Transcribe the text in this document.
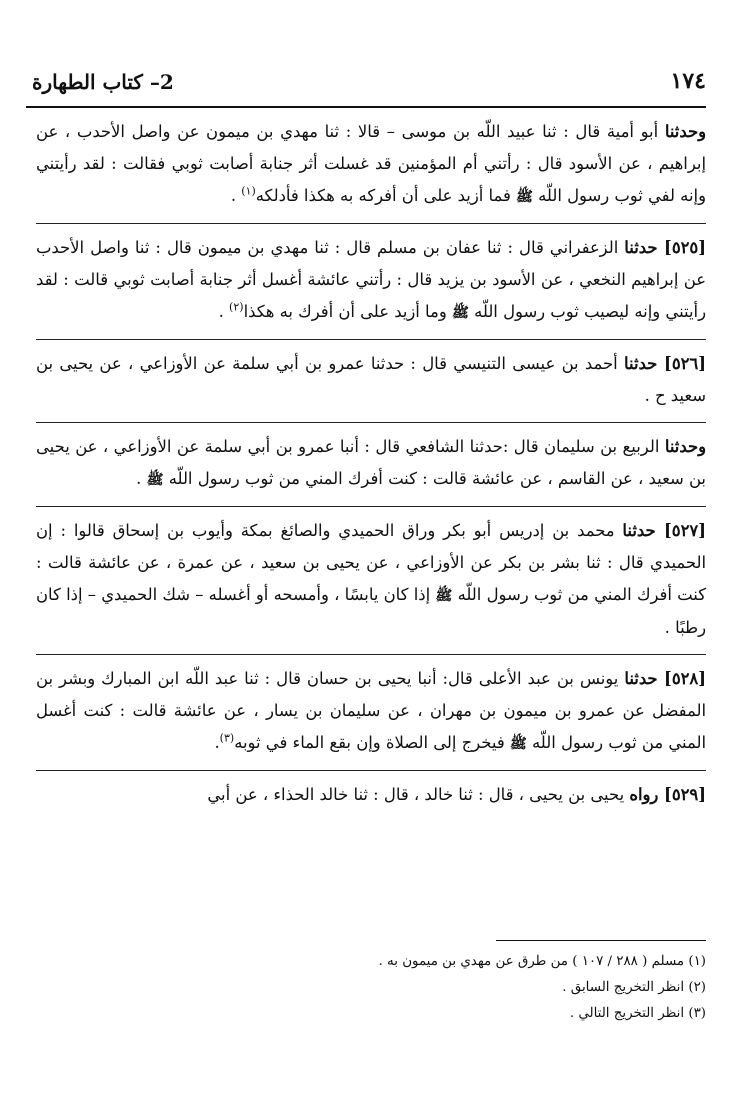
١٧٤
2– كتاب الطهارة

وحدثنا أبو أمية قال : ثنا عبيد اللّه بن موسى – قالا : ثنا مهدي بن ميمون عن واصل الأحدب ، عن إبراهيم ، عن الأسود قال : رأتني أم المؤمنين قد غسلت أثر جنابة أصابت ثوبي فقالت : لقد رأيتني وإنه لفي ثوب رسول اللّه ﷺ فما أزيد على أن أفركه به هكذا فأدلكه$^{(١)}$ .

[٥٢٥] حدثنا الزعفراني قال : ثنا عفان بن مسلم قال : ثنا مهدي بن ميمون قال : ثنا واصل الأحدب عن إبراهيم النخعي ، عن الأسود بن يزيد قال : رأتني عائشة أغسل أثر جنابة أصابت ثوبي قالت : لقد رأيتني وإنه ليصيب ثوب رسول اللّه ﷺ وما أزيد على أن أفرك به هكذا$^{(٢)}$ .

[٥٢٦] حدثنا أحمد بن عيسى التنيسي قال : حدثنا عمرو بن أبي سلمة عن الأوزاعي ، عن يحيى بن سعيد ح .

وحدثنا الربيع بن سليمان قال :حدثنا الشافعي قال : أنبا عمرو بن أبي سلمة عن الأوزاعي ، عن يحيى بن سعيد ، عن القاسم ، عن عائشة قالت : كنت أفرك المني من ثوب رسول اللّه ﷺ .

[٥٢٧] حدثنا محمد بن إدريس أبو بكر وراق الحميدي والصائغ بمكة وأيوب بن إسحاق قالوا : إن الحميدي قال : ثنا بشر بن بكر عن الأوزاعي ، عن يحيى بن سعيد ، عن عمرة ، عن عائشة قالت : كنت أفرك المني من ثوب رسول اللّه ﷺ إذا كان يابسًا ، وأمسحه أو أغسله – شك الحميدي – إذا كان رطبًا .

[٥٢٨] حدثنا يونس بن عبد الأعلى قال: أنبا يحيى بن حسان قال : ثنا عبد اللّه ابن المبارك وبشر بن المفضل عن عمرو بن ميمون بن مهران ، عن سليمان بن يسار ، عن عائشة قالت : كنت أغسل المني من ثوب رسول اللّه ﷺ فيخرج إلى الصلاة وإن بقع الماء في ثوبه$^{(٣)}$.

[٥٢٩] رواه يحيى بن يحيى ، قال : ثنا خالد ، قال : ثنا خالد الحذاء ، عن أبي

(١) مسلم ( ٢٨٨ / ١٠٧ ) من طرق عن مهدي بن ميمون به .

(٢) انظر التخريج السابق .

(٣) انظر التخريج التالي .
